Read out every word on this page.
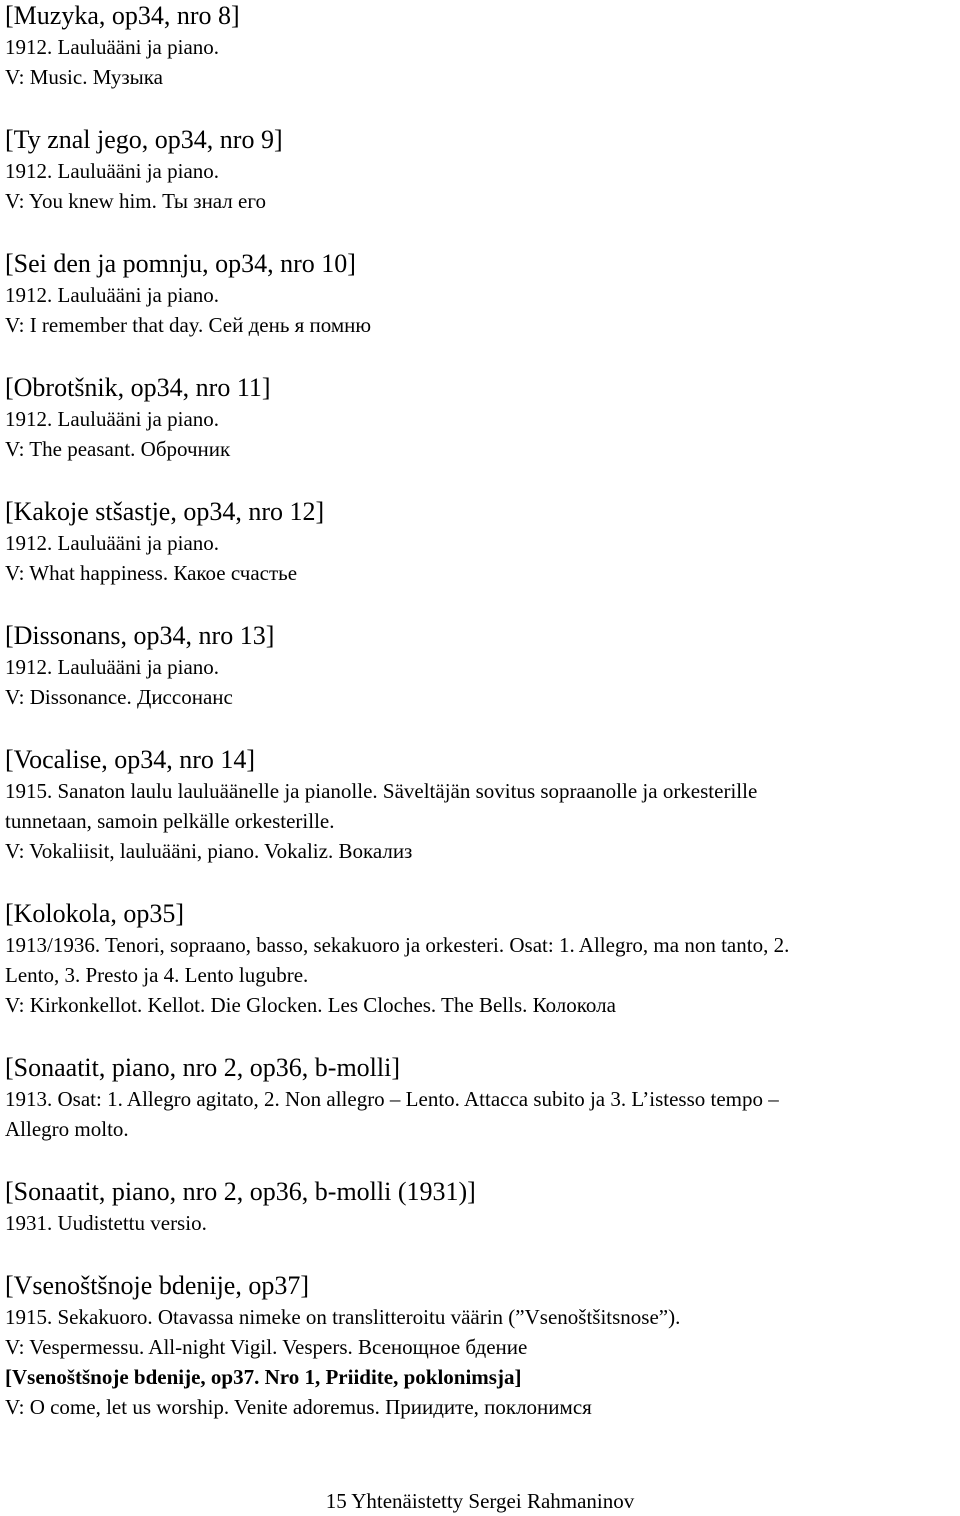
[Muzyka, op34, nro 8]
1912. Lauluääni ja piano.
V: Music. Музыка
[Ty znal jego, op34, nro 9]
1912. Lauluääni ja piano.
V: You knew him. Ты знал его
[Sei den ja pomnju, op34, nro 10]
1912. Lauluääni ja piano.
V: I remember that day. Сей день я помню
[Obrotšnik, op34, nro 11]
1912. Lauluääni ja piano.
V: The peasant. Оброчник
[Kakoje stšastje, op34, nro 12]
1912. Lauluääni ja piano.
V: What happiness. Какое счастье
[Dissonans, op34, nro 13]
1912. Lauluääni ja piano.
V: Dissonance. Диссонанс
[Vocalise, op34, nro 14]
1915. Sanaton laulu lauluäänelle ja pianolle. Säveltäjän sovitus sopraanolle ja orkesterille
tunnetaan, samoin pelkälle orkesterille.
V: Vokaliisit, lauluääni, piano. Vokaliz. Вокализ
[Kolokola, op35]
1913/1936. Tenori, sopraano, basso, sekakuoro ja orkesteri. Osat: 1. Allegro, ma non tanto, 2.
Lento, 3. Presto ja 4. Lento lugubre.
V: Kirkonkellot. Kellot. Die Glocken. Les Cloches. The Bells. Колокола
[Sonaatit, piano, nro 2, op36, b-molli]
1913. Osat: 1. Allegro agitato, 2. Non allegro – Lento. Attacca subito ja 3. L’istesso tempo –
Allegro molto.
[Sonaatit, piano, nro 2, op36, b-molli (1931)]
1931. Uudistettu versio.
[Vsenoštšnoje bdenije, op37]
1915. Sekakuoro. Otavassa nimeke on translitteroitu väärin (”Vsenoštšitsnose”).
V: Vespermessu. All-night Vigil. Vespers. Всенощное бдение
[Vsenoštšnoje bdenije, op37. Nro 1, Priidite, poklonimsja]
V: O come, let us worship. Venite adoremus. Приидите, поклонимся
15 Yhtenäistetty Sergei Rahmaninov
